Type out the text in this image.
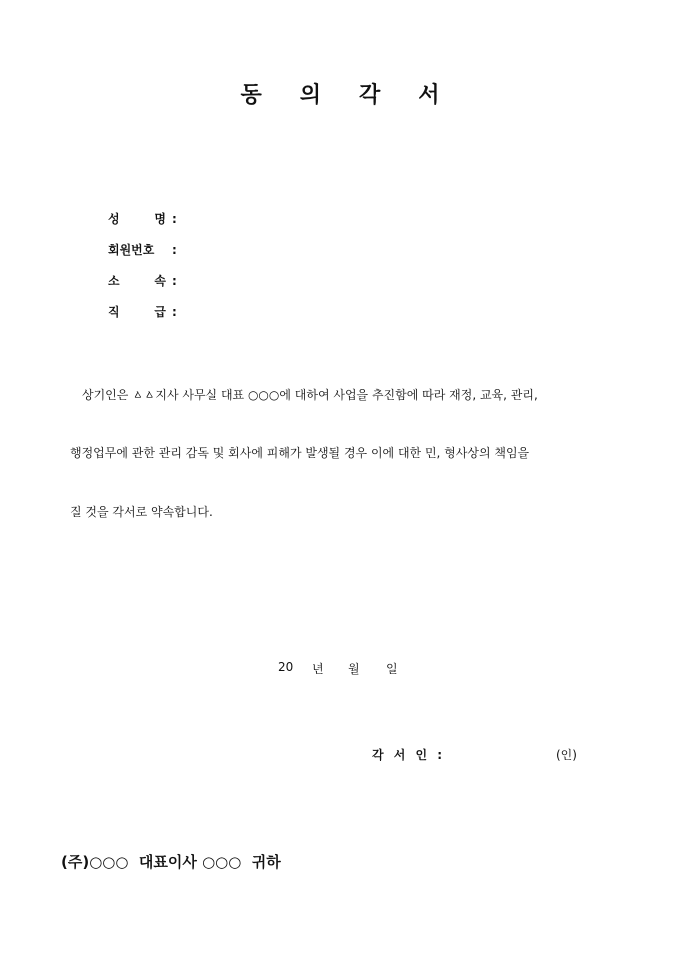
동의각서
성 명 :
회원번호	:
소 속 :
직 급 :
상기인은 ㅿㅿ지사 사무실 대표 ○○○에 대하여 사업을 추진함에 따라 재정, 교육, 관리,
행정업무에 관한 관리 감독 및 회사에 피해가 발생될 경우 이에 대한 민, 형사상의 책임을
질 것을 각서로 약속합니다.
20	년	월	일
각 서 인 :	(인)
(주)○○○  대표이사 ○○○  귀하
